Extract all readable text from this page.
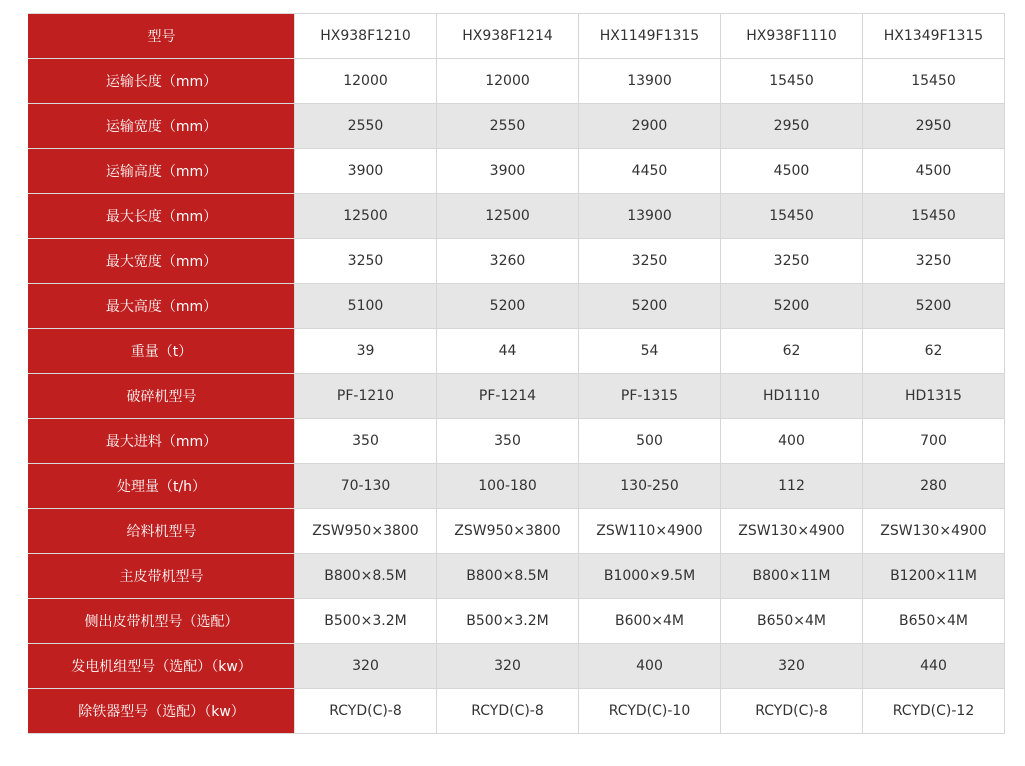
型号	HX938F1210	HX938F1214	HX1149F1315	HX938F1110	HX1349F1315
运输长度（mm）	12000	12000	13900	15450	15450
运输宽度（mm）	2550	2550	2900	2950	2950
运输高度（mm）	3900	3900	4450	4500	4500
最大长度（mm）	12500	12500	13900	15450	15450
最大宽度（mm）	3250	3260	3250	3250	3250
最大高度（mm）	5100	5200	5200	5200	5200
重量（t）	39	44	54	62	62
破碎机型号	PF-1210	PF-1214	PF-1315	HD1110	HD1315
最大进料（mm）	350	350	500	400	700
处理量（t/h）	70-130	100-180	130-250	112	280
给料机型号	ZSW950×3800	ZSW950×3800	ZSW110×4900	ZSW130×4900	ZSW130×4900
主皮带机型号	B800×8.5M	B800×8.5M	B1000×9.5M	B800×11M	B1200×11M
侧出皮带机型号（选配）	B500×3.2M	B500×3.2M	B600×4M	B650×4M	B650×4M
发电机组型号（选配）（kw）	320	320	400	320	440
除铁器型号（选配）（kw）	RCYD(C)-8	RCYD(C)-8	RCYD(C)-10	RCYD(C)-8	RCYD(C)-12
